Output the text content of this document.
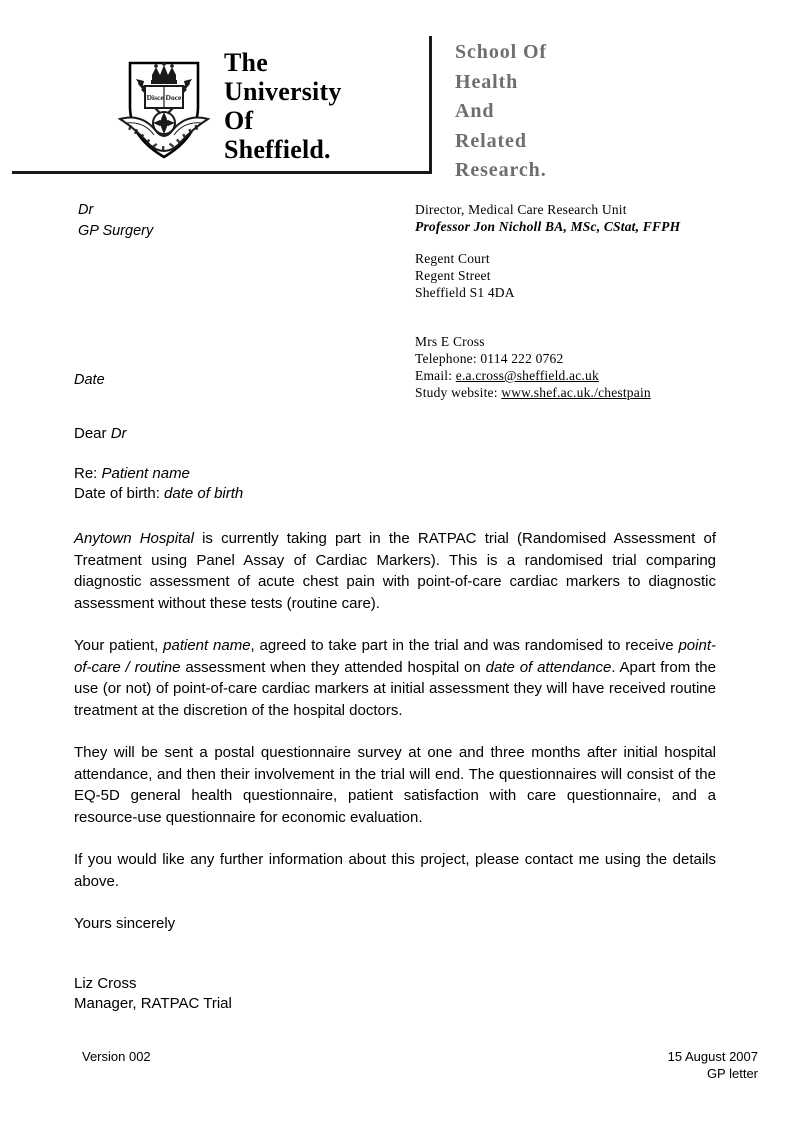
Disce Doce
The
University
Of
Sheffield.
School Of
Health
And
Related
Research.
Dr
GP Surgery
Date
Director, Medical Care Research Unit
Professor Jon Nicholl BA, MSc, CStat, FFPH
Regent Court
Regent Street
Sheffield S1 4DA
Mrs E Cross
Telephone: 0114 222 0762
Email: e.a.cross@sheffield.ac.uk
Study website: www.shef.ac.uk./chestpain
Dear Dr
Re: Patient name
Date of birth: date of birth

Anytown Hospital is currently taking part in the RATPAC trial (Randomised Assessment of Treatment using Panel Assay of Cardiac Markers). This is a randomised trial comparing diagnostic assessment of acute chest pain with point-of-care cardiac markers to diagnostic assessment without these tests (routine care).

Your patient, patient name, agreed to take part in the trial and was randomised to receive point-of-care / routine assessment when they attended hospital on date of attendance. Apart from the use (or not) of point-of-care cardiac markers at initial assessment they will have received routine treatment at the discretion of the hospital doctors.

They will be sent a postal questionnaire survey at one and three months after initial hospital attendance, and then their involvement in the trial will end. The questionnaires will consist of the EQ-5D general health questionnaire, patient satisfaction with care questionnaire, and a resource-use questionnaire for economic evaluation.

If you would like any further information about this project, please contact me using the details above.

Yours sincerely

Liz Cross
Manager, RATPAC Trial
Version 002	15 August 2007
GP letter
